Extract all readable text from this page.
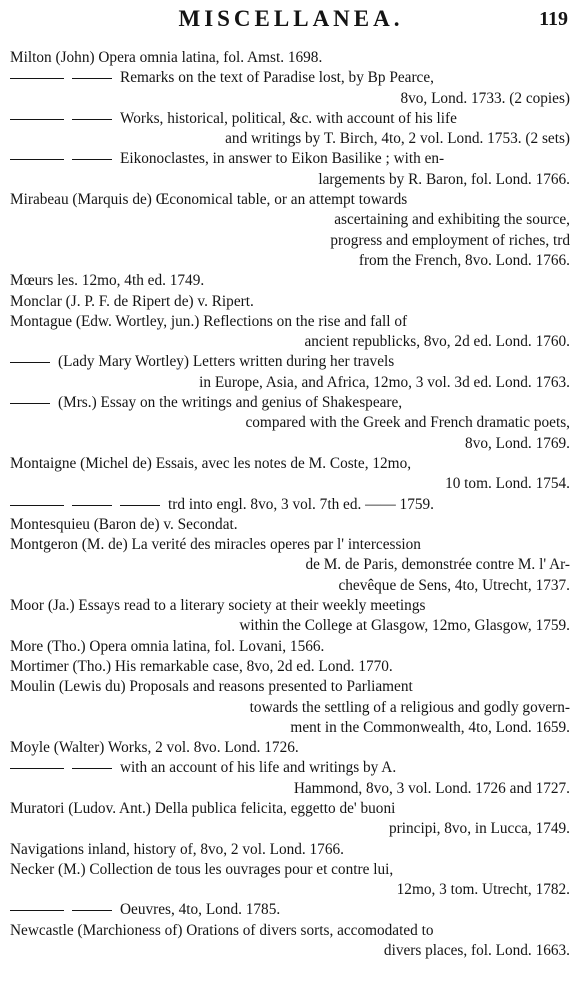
MISCELLANEA.	119
Milton (John) Opera omnia latina, fol. Amst. 1698.
Remarks on the text of Paradise lost, by Bp Pearce,
8vo, Lond. 1733. (2 copies)
Works, historical, political, &c. with account of his life
and writings by T. Birch, 4to, 2 vol. Lond. 1753. (2 sets)
Eikonoclastes, in answer to Eikon Basilike ; with en-
largements by R. Baron, fol. Lond. 1766.
Mirabeau (Marquis de) Œconomical table, or an attempt towards
ascertaining and exhibiting the source,
progress and employment of riches, trd
from the French, 8vo. Lond. 1766.
Mœurs les. 12mo, 4th ed. 1749.
Monclar (J. P. F. de Ripert de) v. Ripert.
Montague (Edw. Wortley, jun.) Reflections on the rise and fall of
ancient republicks, 8vo, 2d ed. Lond. 1760.
(Lady Mary Wortley) Letters written during her travels
in Europe, Asia, and Africa, 12mo, 3 vol. 3d ed. Lond. 1763.
(Mrs.) Essay on the writings and genius of Shakespeare,
compared with the Greek and French dramatic poets,
8vo, Lond. 1769.
Montaigne (Michel de) Essais, avec les notes de M. Coste, 12mo,
10 tom. Lond. 1754.
trd into engl. 8vo, 3 vol. 7th ed. —— 1759.
Montesquieu (Baron de) v. Secondat.
Montgeron (M. de) La verité des miracles operes par l' intercession
de M. de Paris, demonstrée contre M. l' Ar-
chevêque de Sens, 4to, Utrecht, 1737.
Moor (Ja.) Essays read to a literary society at their weekly meetings
within the College at Glasgow, 12mo, Glasgow, 1759.
More (Tho.) Opera omnia latina, fol. Lovani, 1566.
Mortimer (Tho.) His remarkable case, 8vo, 2d ed. Lond. 1770.
Moulin (Lewis du) Proposals and reasons presented to Parliament
towards the settling of a religious and godly govern-
ment in the Commonwealth, 4to, Lond. 1659.
Moyle (Walter) Works, 2 vol. 8vo. Lond. 1726.
with an account of his life and writings by A.
Hammond, 8vo, 3 vol. Lond. 1726 and 1727.
Muratori (Ludov. Ant.) Della publica felicita, eggetto de' buoni
principi, 8vo, in Lucca, 1749.
Navigations inland, history of, 8vo, 2 vol. Lond. 1766.
Necker (M.) Collection de tous les ouvrages pour et contre lui,
12mo, 3 tom. Utrecht, 1782.
Oeuvres, 4to, Lond. 1785.
Newcastle (Marchioness of) Orations of divers sorts, accomodated to
divers places, fol. Lond. 1663.
